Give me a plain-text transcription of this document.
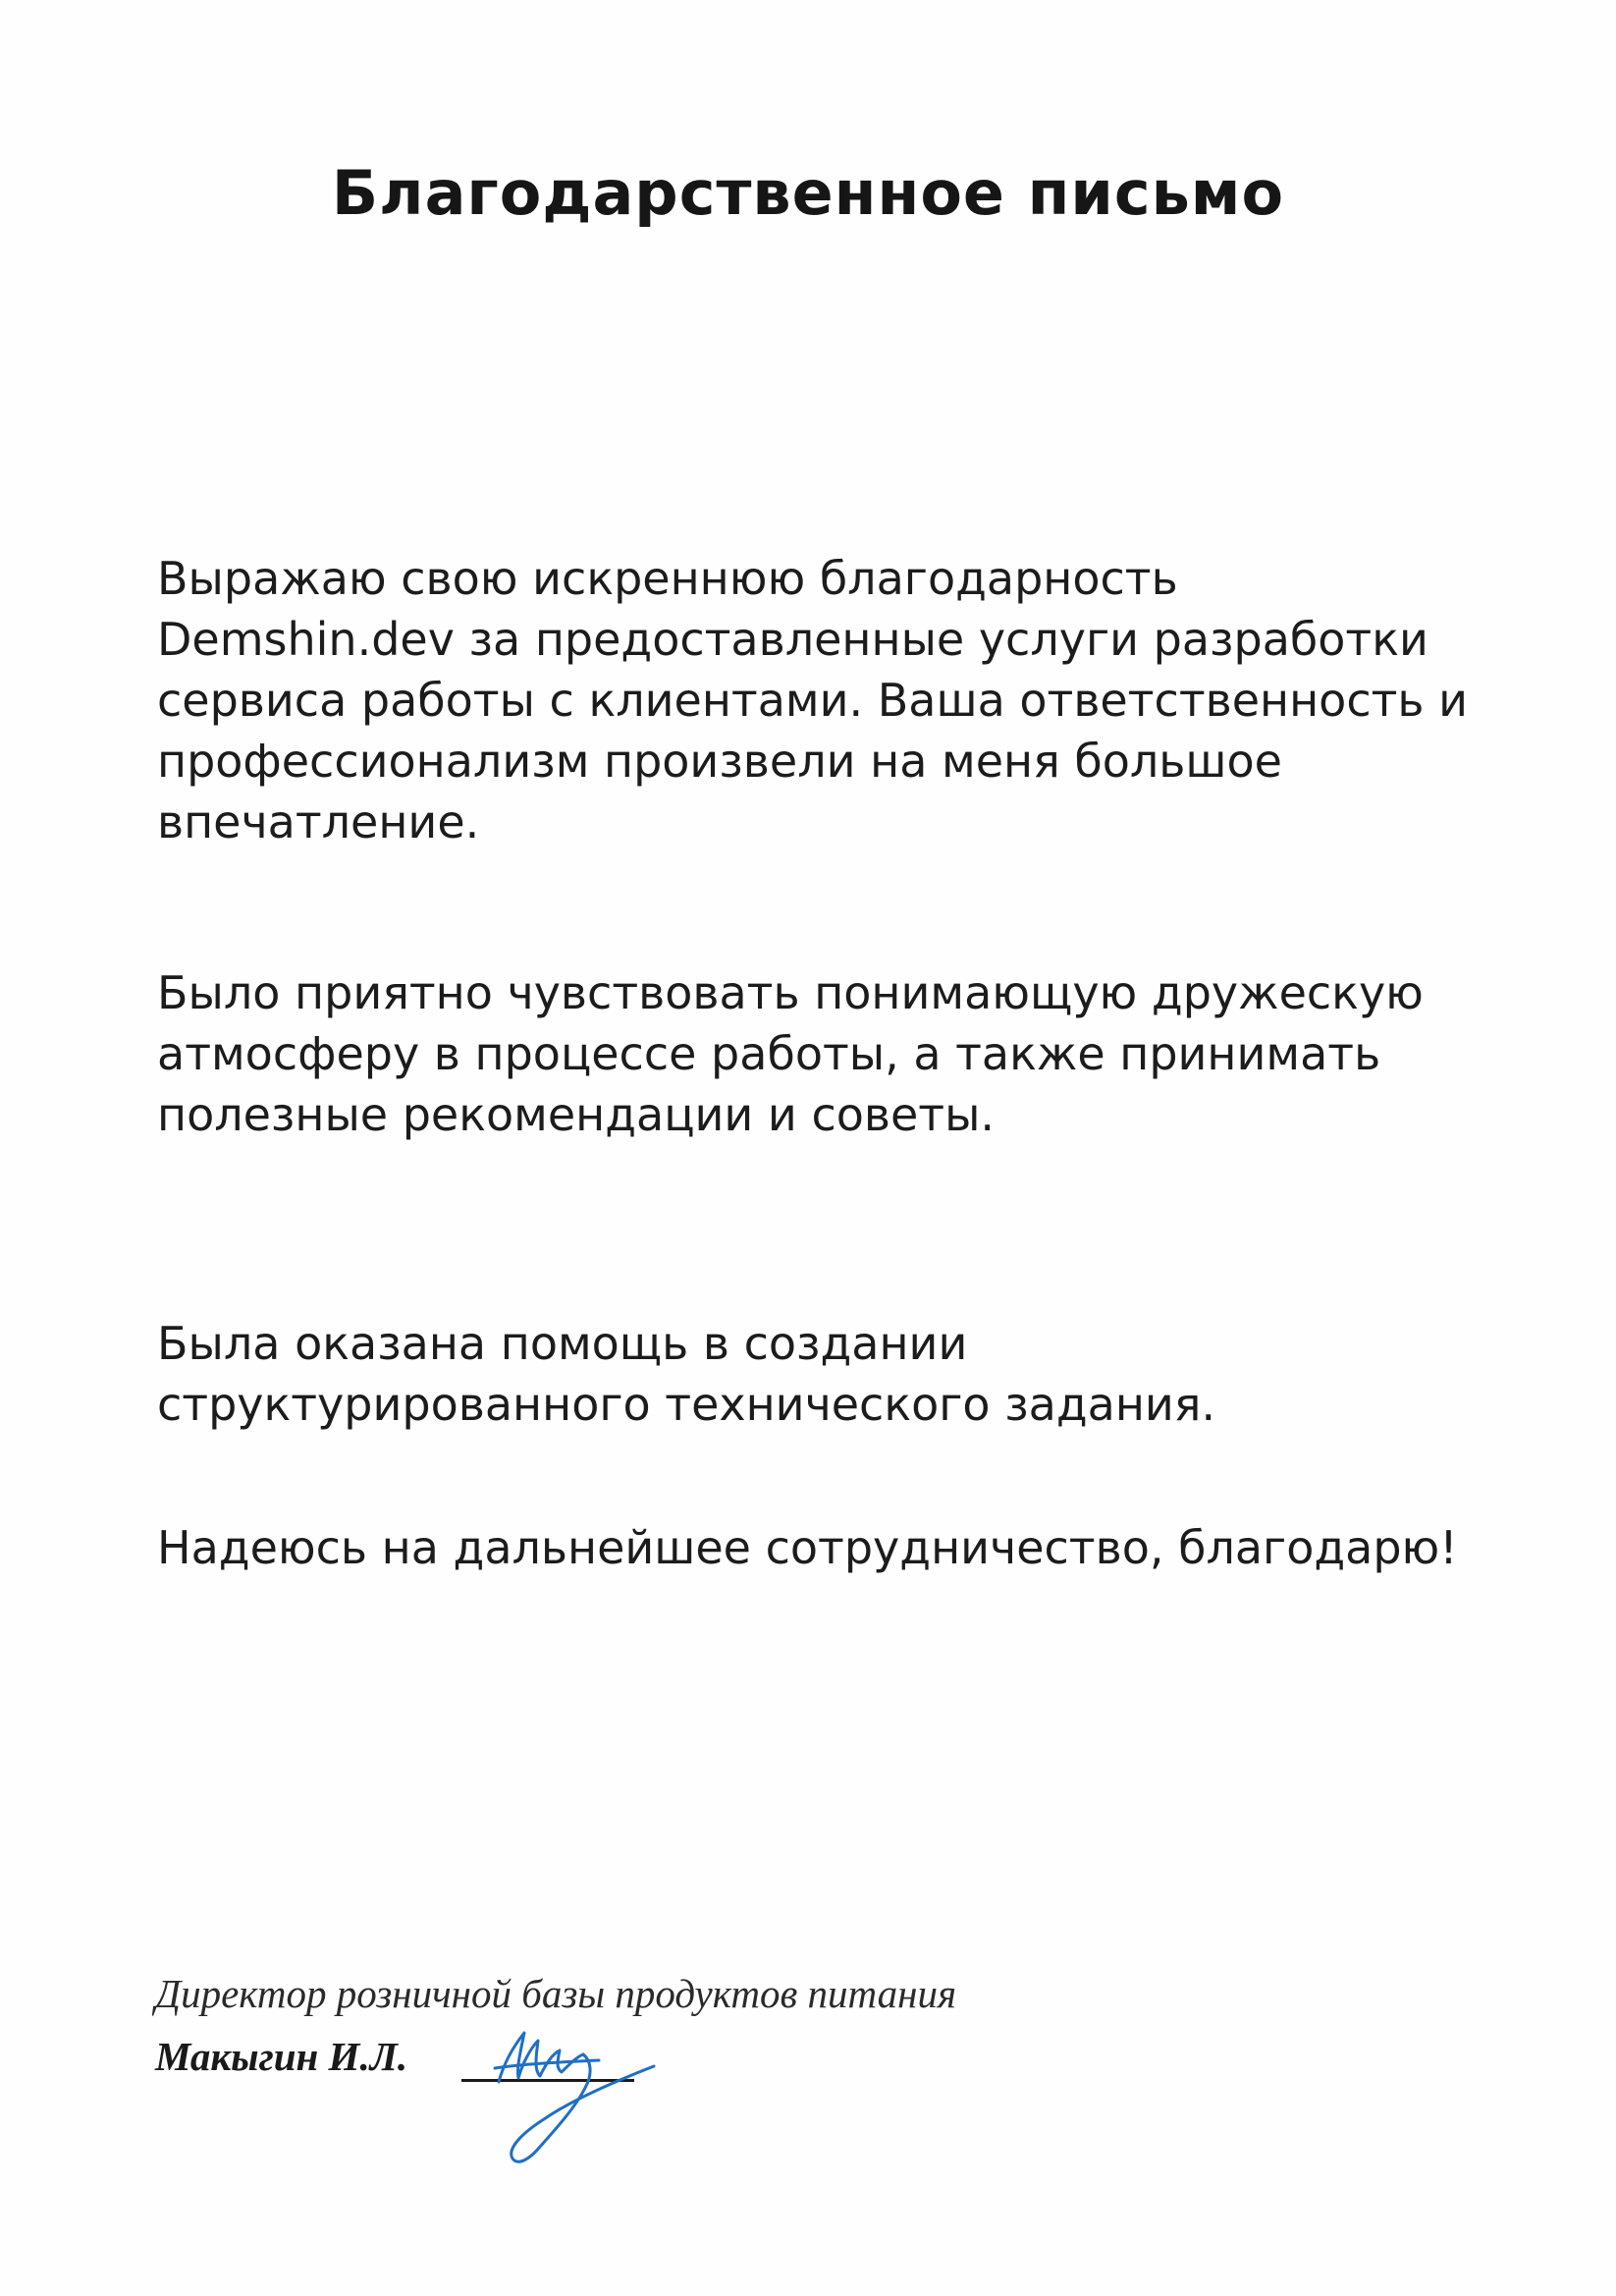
Благодарственное письмо

Выражаю свою искреннюю благодарность Demshin.dev за предоставленные услуги разработки сервиса работы с клиентами. Ваша ответственность и профессионализм произвели на меня большое впечатление.

Было приятно чувствовать понимающую дружескую атмосферу в процессе работы, а также принимать полезные рекомендации и советы.

Была оказана помощь в создании структурированного технического задания.

Надеюсь на дальнейшее сотрудничество, благодарю!

Директор розничной базы продуктов питания
Макыгин И.Л.
